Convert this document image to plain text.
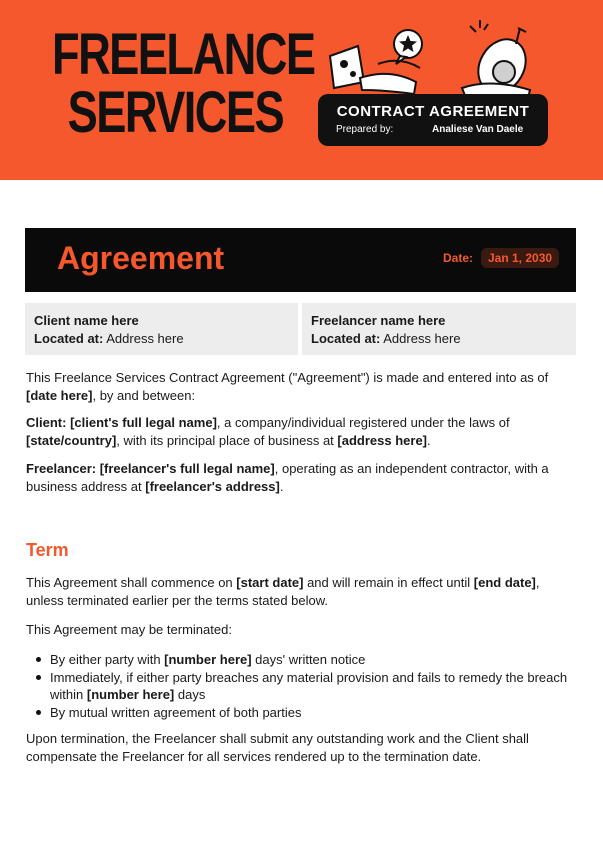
FREELANCE
SERVICES	CONTRACT AGREEMENT
Prepared by:	Analiese Van Daele
Agreement	Date:	Jan 1, 2030
Client name here
Located at: Address here
Freelancer name here
Located at: Address here

This Freelance Services Contract Agreement ("Agreement") is made and entered into as of [date here], by and between:

Client: [client's full legal name], a company/individual registered under the laws of [state/country], with its principal place of business at [address here].

Freelancer: [freelancer's full legal name], operating as an independent contractor, with a business address at [freelancer's address].

Term

This Agreement shall commence on [start date] and will remain in effect until [end date], unless terminated earlier per the terms stated below.

This Agreement may be terminated:

By either party with [number here] days' written notice
Immediately, if either party breaches any material provision and fails to remedy the breach within [number here] days
By mutual written agreement of both parties

Upon termination, the Freelancer shall submit any outstanding work and the Client shall compensate the Freelancer for all services rendered up to the termination date.
